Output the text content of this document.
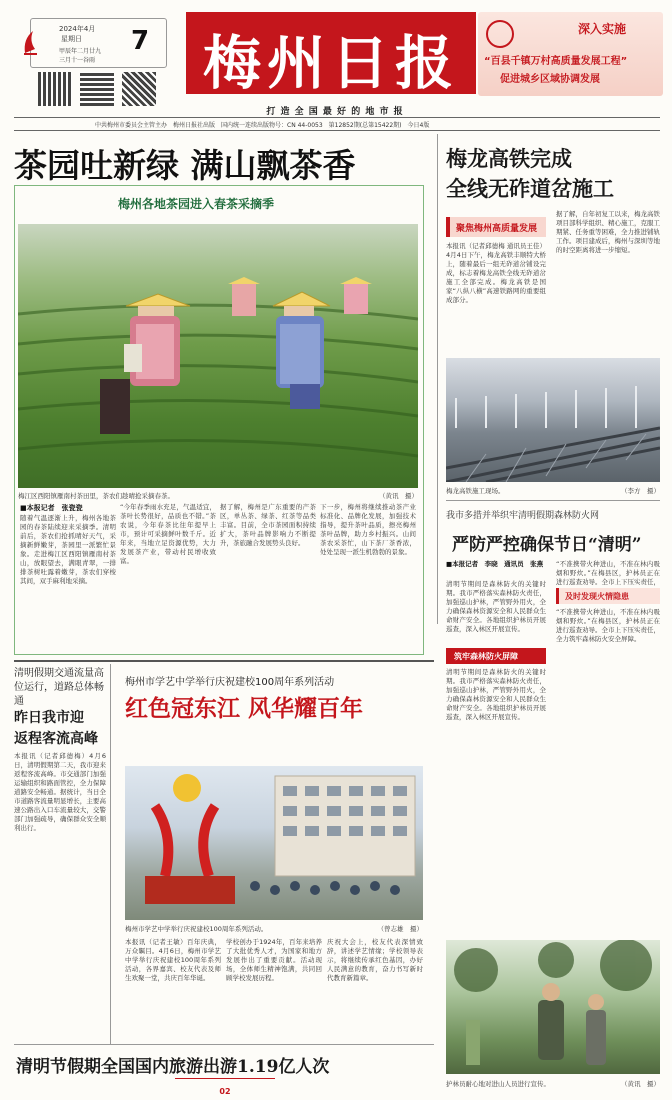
2024年4月
星期日 7
甲辰年二月廿九
三月十一谷雨 梅州日报
打 造 全 国 最 好 的 地 市 报
深入实施
“百县千镇万村高质量发展工程”
促进城乡区域协调发展
中共梅州市委员会主管主办　梅州日报社出版　国内统一连续出版物号：CN 44-0053　第12852期(总第15422期)　今日4版
茶园吐新绿 满山飘茶香
梅州各地茶园进入春茶采摘季
梅江区西阳镇雁南村茶田里，茶农们趁晴抢采摘春茶。	（黄讯　摄）
■本报记者　张瓷瓷
随着气温逐渐上升，梅州各地茶园的春茶陆续迎来采摘季。清明前后，茶农们抢抓晴好天气，采摘新鲜嫩芽，茶园里一派繁忙景象。走进梅江区西阳镇雁南村茶山，放眼望去，满眼青翠，一排排茶树吐露着嫩芽，茶农们穿梭其间，双手麻利地采摘。
“今年春季雨水充足，气温适宜，茶叶长势很好，品质也不错。”茶农说，今年春茶比往年提早上市，预计可采摘鲜叶数千斤。近年来，当地立足资源优势，大力发展茶产业，带动村民增收致富。
据了解，梅州是广东重要的产茶区，单丛茶、绿茶、红茶等品类丰富。目前，全市茶园面积持续扩大，茶叶品牌影响力不断提升，茶旅融合发展势头良好。
下一步，梅州将继续推动茶产业标准化、品牌化发展，加强技术指导，提升茶叶品质，擦亮梅州茶叶品牌，助力乡村振兴。山间茶农采茶忙，山下茶厂茶香浓，处处呈现一派生机勃勃的景象。
梅龙高铁完成
全线无砟道岔施工
聚焦梅州高质量发展
本报讯（记者邱德梅 通讯员王佳）4月4日下午，梅龙高铁丰顺特大桥上，随着最后一组无砟道岔铺设完成，标志着梅龙高铁全线无砟道岔施工全部完成。梅龙高铁是国家“八纵八横”高速铁路网的重要组成部分。
据了解，自年初复工以来，梅龙高铁项目部科学组织、精心施工，克服工期紧、任务重等困难，全力推进铺轨工作。项目建成后，梅州与深圳等地的时空距离将进一步缩短。
梅龙高铁施工现场。	（李方　摄）
我市多措并举织牢清明假期森林防火网
严防严控确保节日“清明”
■本报记者　李晓　通讯员　张燕
筑牢森林防火屏障
清明节期间是森林防火的关键时期。我市严格落实森林防火责任，加强巡山护林，严管野外用火，全力确保森林资源安全和人民群众生命财产安全。各地组织护林员开展巡查，深入林区开展宣传。
清明节期间是森林防火的关键时期。我市严格落实森林防火责任，加强巡山护林，严管野外用火，全力确保森林资源安全和人民群众生命财产安全。各地组织护林员开展巡查，深入林区开展宣传。
及时发现火情隐患
“不准携带火种进山，不准在林内吸烟和野炊。”在梅县区，护林员正在进行巡查劝导。全市上下压实责任，
“不准携带火种进山，不准在林内吸烟和野炊。”在梅县区，护林员正在进行巡查劝导。全市上下压实责任，全力筑牢森林防火安全屏障。
护林员耐心地对进山人员进行宣传。	（黄讯　摄）
清明假期交通流量高位运行，道路总体畅通
昨日我市迎
返程客流高峰
本报讯（记者邱德梅）4月6日，清明假期第二天，我市迎来返程客流高峰。市交通部门加强运输组织和路面管控，全力保障道路安全畅通。据统计，当日全市道路客流量明显增长，主要高速公路出入口车流量较大，交警部门加强疏导，确保群众安全顺利出行。
梅州市学艺中学举行庆祝建校100周年系列活动
红色冠东江 风华耀百年
梅州市学艺中学举行庆祝建校100周年系列活动。	（曾志雄　摄）
本报讯（记者王敏）百年庆典，万众瞩目。4月6日，梅州市学艺中学举行庆祝建校100周年系列活动，各界嘉宾、校友代表及师生欢聚一堂，共庆百年华诞。
学校创办于1924年，百年来培养了大批优秀人才，为国家和地方发展作出了重要贡献。活动现场，全体师生精神饱满，共同回顾学校发展历程。
庆祝大会上，校友代表深情致辞，讲述学艺情缘；学校领导表示，将继续传承红色基因，办好人民满意的教育，奋力书写新时代教育新篇章。
清明节假期全国国内旅游出游1.19亿人次
02
